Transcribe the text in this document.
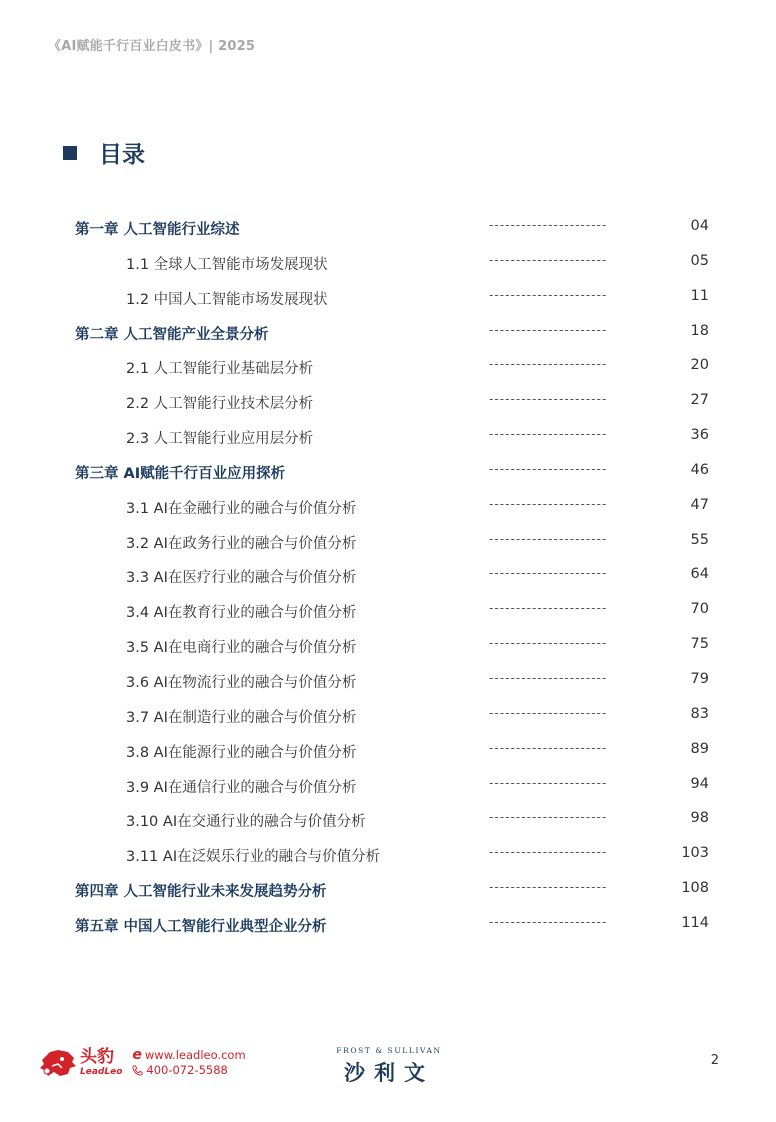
《AI赋能千行百业白皮书》| 2025
目录
第一章 人工智能行业综述	----------------------	04
1.1 全球人工智能市场发展现状	----------------------	05
1.2 中国人工智能市场发展现状	----------------------	11
第二章 人工智能产业全景分析	----------------------	18
2.1 人工智能行业基础层分析	----------------------	20
2.2 人工智能行业技术层分析	----------------------	27
2.3 人工智能行业应用层分析	----------------------	36
第三章 AI赋能千行百业应用探析	----------------------	46
3.1 AI在金融行业的融合与价值分析	----------------------	47
3.2 AI在政务行业的融合与价值分析	----------------------	55
3.3 AI在医疗行业的融合与价值分析	----------------------	64
3.4 AI在教育行业的融合与价值分析	----------------------	70
3.5 AI在电商行业的融合与价值分析	----------------------	75
3.6 AI在物流行业的融合与价值分析	----------------------	79
3.7 AI在制造行业的融合与价值分析	----------------------	83
3.8 AI在能源行业的融合与价值分析	----------------------	89
3.9 AI在通信行业的融合与价值分析	----------------------	94
3.10 AI在交通行业的融合与价值分析	----------------------	98
3.11 AI在泛娱乐行业的融合与价值分析	----------------------	103
第四章 人工智能行业未来发展趋势分析	----------------------	108
第五章 中国人工智能行业典型企业分析	----------------------	114
头豹
LeadLeo
e www.leadleo.com
400-072-5588
FROST & SULLIVAN
沙利文
2
